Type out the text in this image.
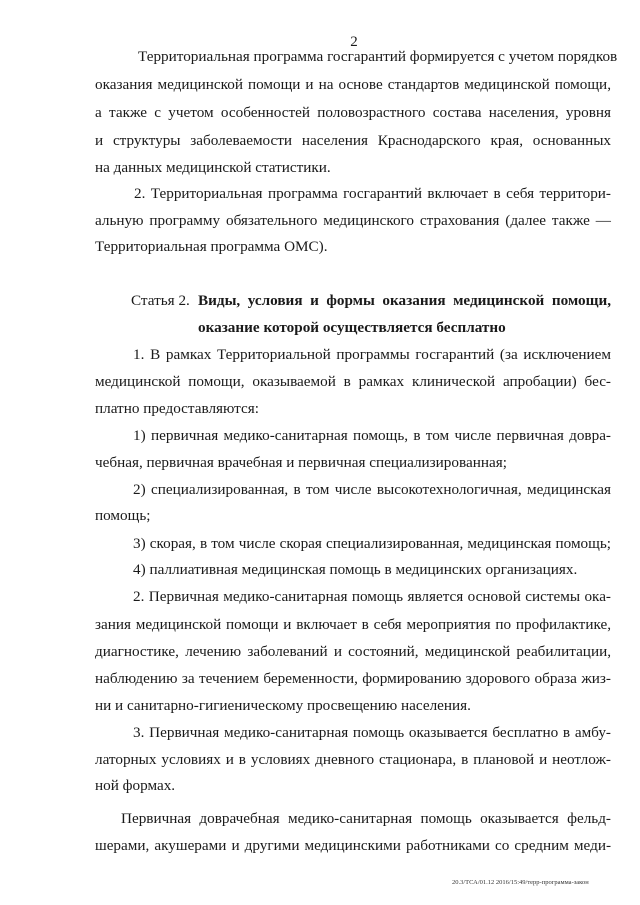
2
Территориальная программа госгарантий формируется с учетом порядков
оказания медицинской помощи и на основе стандартов медицинской помощи,
а также с учетом особенностей половозрастного состава населения, уровня
и структуры заболеваемости населения Краснодарского края, основанных
на данных медицинской статистики.
2. Территориальная программа госгарантий включает в себя территори-
альную программу обязательного медицинского страхования (далее также —
Территориальная программа ОМС).
Статья 2. Виды, условия и формы оказания медицинской помощи,
оказание которой осуществляется бесплатно
1. В рамках Территориальной программы госгарантий (за исключением
медицинской помощи, оказываемой в рамках клинической апробации) бес-
платно предоставляются:
1) первичная медико-санитарная помощь, в том числе первичная довра-
чебная, первичная врачебная и первичная специализированная;
2) специализированная, в том числе высокотехнологичная, медицинская
помощь;
3) скорая, в том числе скорая специализированная, медицинская помощь;
4) паллиативная медицинская помощь в медицинских организациях.
2. Первичная медико-санитарная помощь является основой системы ока-
зания медицинской помощи и включает в себя мероприятия по профилактике,
диагностике, лечению заболеваний и состояний, медицинской реабилитации,
наблюдению за течением беременности, формированию здорового образа жиз-
ни и санитарно-гигиеническому просвещению населения.
3. Первичная медико-санитарная помощь оказывается бесплатно в амбу-
латорных условиях и в условиях дневного стационара, в плановой и неотлож-
ной формах.
Первичная доврачебная медико-санитарная помощь оказывается фельд-
шерами, акушерами и другими медицинскими работниками со средним меди-
20.3/ТСА/01.12 2016/15:49/терр-программа-закон
